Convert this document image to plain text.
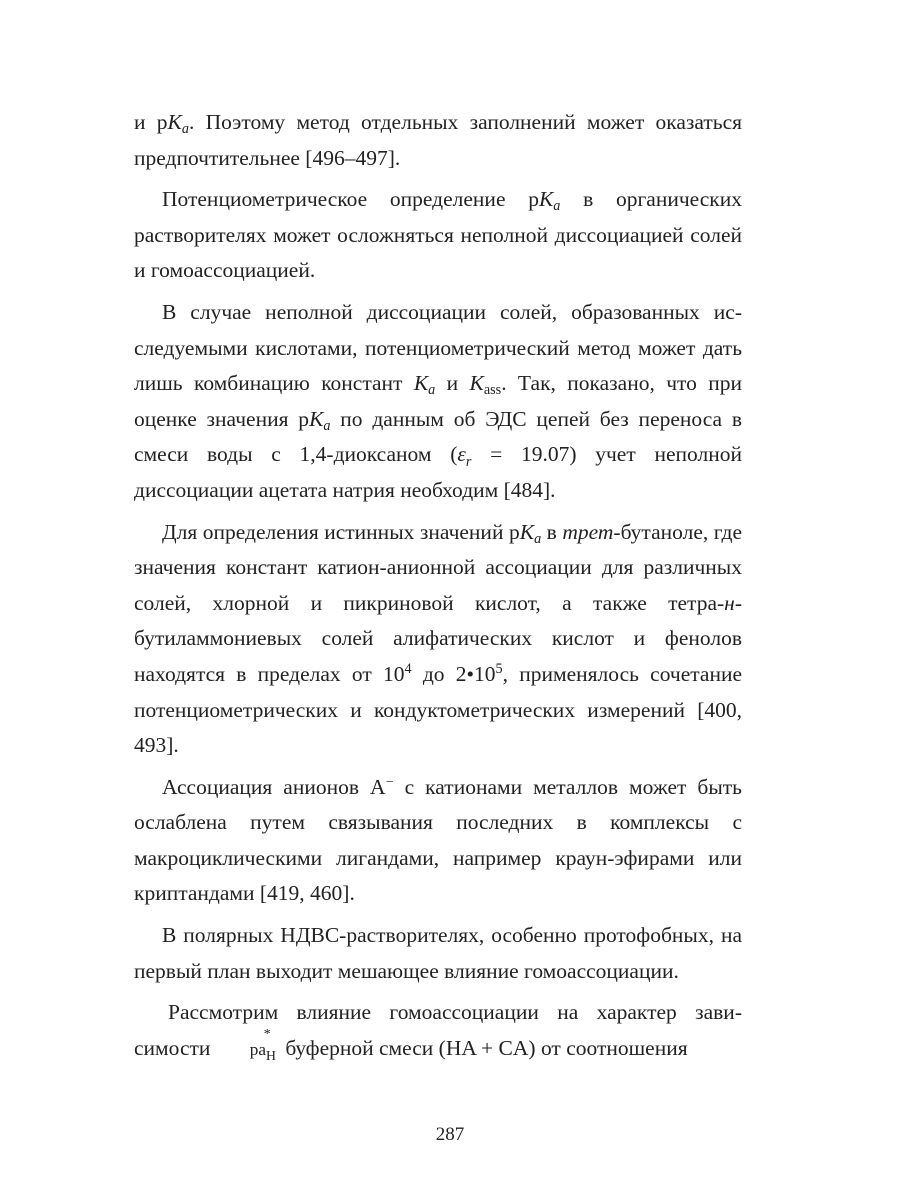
и $pK_a$. Поэтому метод отдельных заполнений может оказаться предпочтительнее [496–497].

Потенциометрическое определение $pK_a$ в органических растворителях может осложняться неполной диссоциацией солей и гомоассоциацией.

В случае неполной диссоциации солей, образованных исследуемыми кислотами, потенциометрический метод может дать лишь комбинацию констант $K_a$ и $K_{ass}$. Так, показано, что при оценке значения $pK_a$ по данным об ЭДС цепей без переноса в смеси воды с 1,4-диоксаном $(\varepsilon_r = 19.07)$ учет неполной диссоциации ацетата натрия необходим [484].

Для определения истинных значений $pK_a$ в трет-бутаноле, где значения констант катион-анионной ассоциации для различных солей, хлорной и пикриновой кислот, а также тетра-н-бутиламмониевых солей алифатических кислот и фенолов находятся в пределах от $10^4$ до $2•10^5$, применялось сочетание потенциометрических и кондуктометрических измерений [400, 493].

Ассоциация анионов A− с катионами металлов может быть ослаблена путем связывания последних в комплексы с макроциклическими лигандами, например краун-эфирами или криптандами [419, 460].

В полярных НДВС-растворителях, особенно протофобных, на первый план выходит мешающее влияние гомоассоциации.

Рассмотрим влияние гомоассоциации на характер зависимости pa
*
$_H$ буферной смеси (HA + CA) от соотношения

287
